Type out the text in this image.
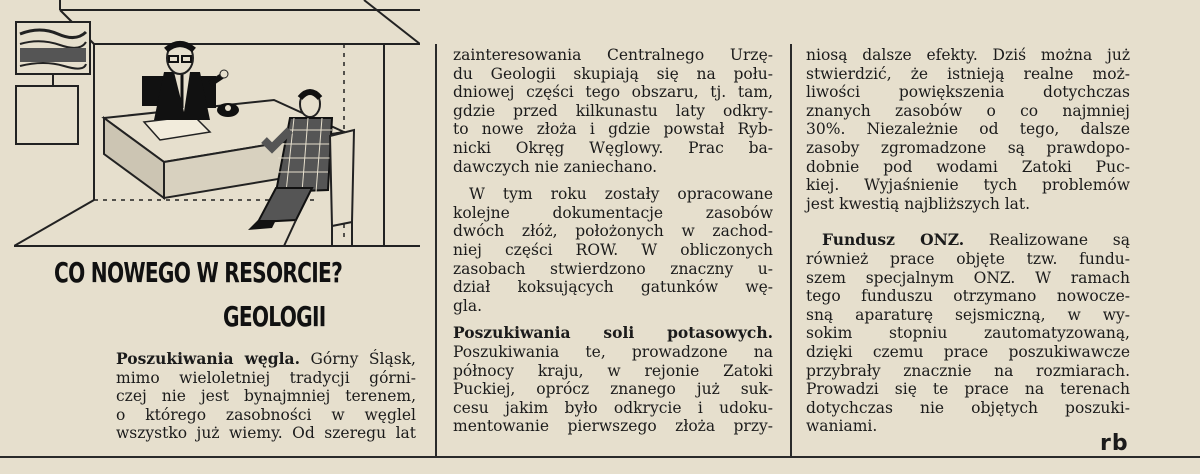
CO NOWEGO W RESORCIE?
GEOLOGII

Poszukiwania węgla. Górny Śląsk,
mimo wieloletniej tradycji górni-
czej nie jest bynajmniej terenem,
o którego zasobności w węglel
wszystko już wiemy. Od szeregu lat

zainteresowania Centralnego Urzę-
du Geologii skupiają się na połu-
dniowej części tego obszaru, tj. tam,
gdzie przed kilkunastu laty odkry-
to nowe złoża i gdzie powstał Ryb-
nicki Okręg Węglowy. Prac ba-
dawczych nie zaniechano.

W tym roku zostały opracowane
kolejne dokumentacje zasobów
dwóch złóż, położonych w zachod-
niej części ROW. W obliczonych
zasobach stwierdzono znaczny u-
dział koksujących gatunków wę-
gla.

Poszukiwania soli potasowych.
Poszukiwania te, prowadzone na
północy kraju, w rejonie Zatoki
Puckiej, oprócz znanego już suk-
cesu jakim było odkrycie i udoku-
mentowanie pierwszego złoża przy-

niosą dalsze efekty. Dziś można już
stwierdzić, że istnieją realne moż-
liwości powiększenia dotychczas
znanych zasobów o co najmniej
30%. Niezależnie od tego, dalsze
zasoby zgromadzone są prawdopo-
dobnie pod wodami Zatoki Puc-
kiej. Wyjaśnienie tych problemów
jest kwestią najbliższych lat.

Fundusz ONZ. Realizowane są
również prace objęte tzw. fundu-
szem specjalnym ONZ. W ramach
tego funduszu otrzymano nowocze-
sną aparaturę sejsmiczną, w wy-
sokim stopniu zautomatyzowaną,
dzięki czemu prace poszukiwawcze
przybrały znacznie na rozmiarach.
Prowadzi się te prace na terenach
dotychczas nie objętych poszuki-
waniami.

rb
